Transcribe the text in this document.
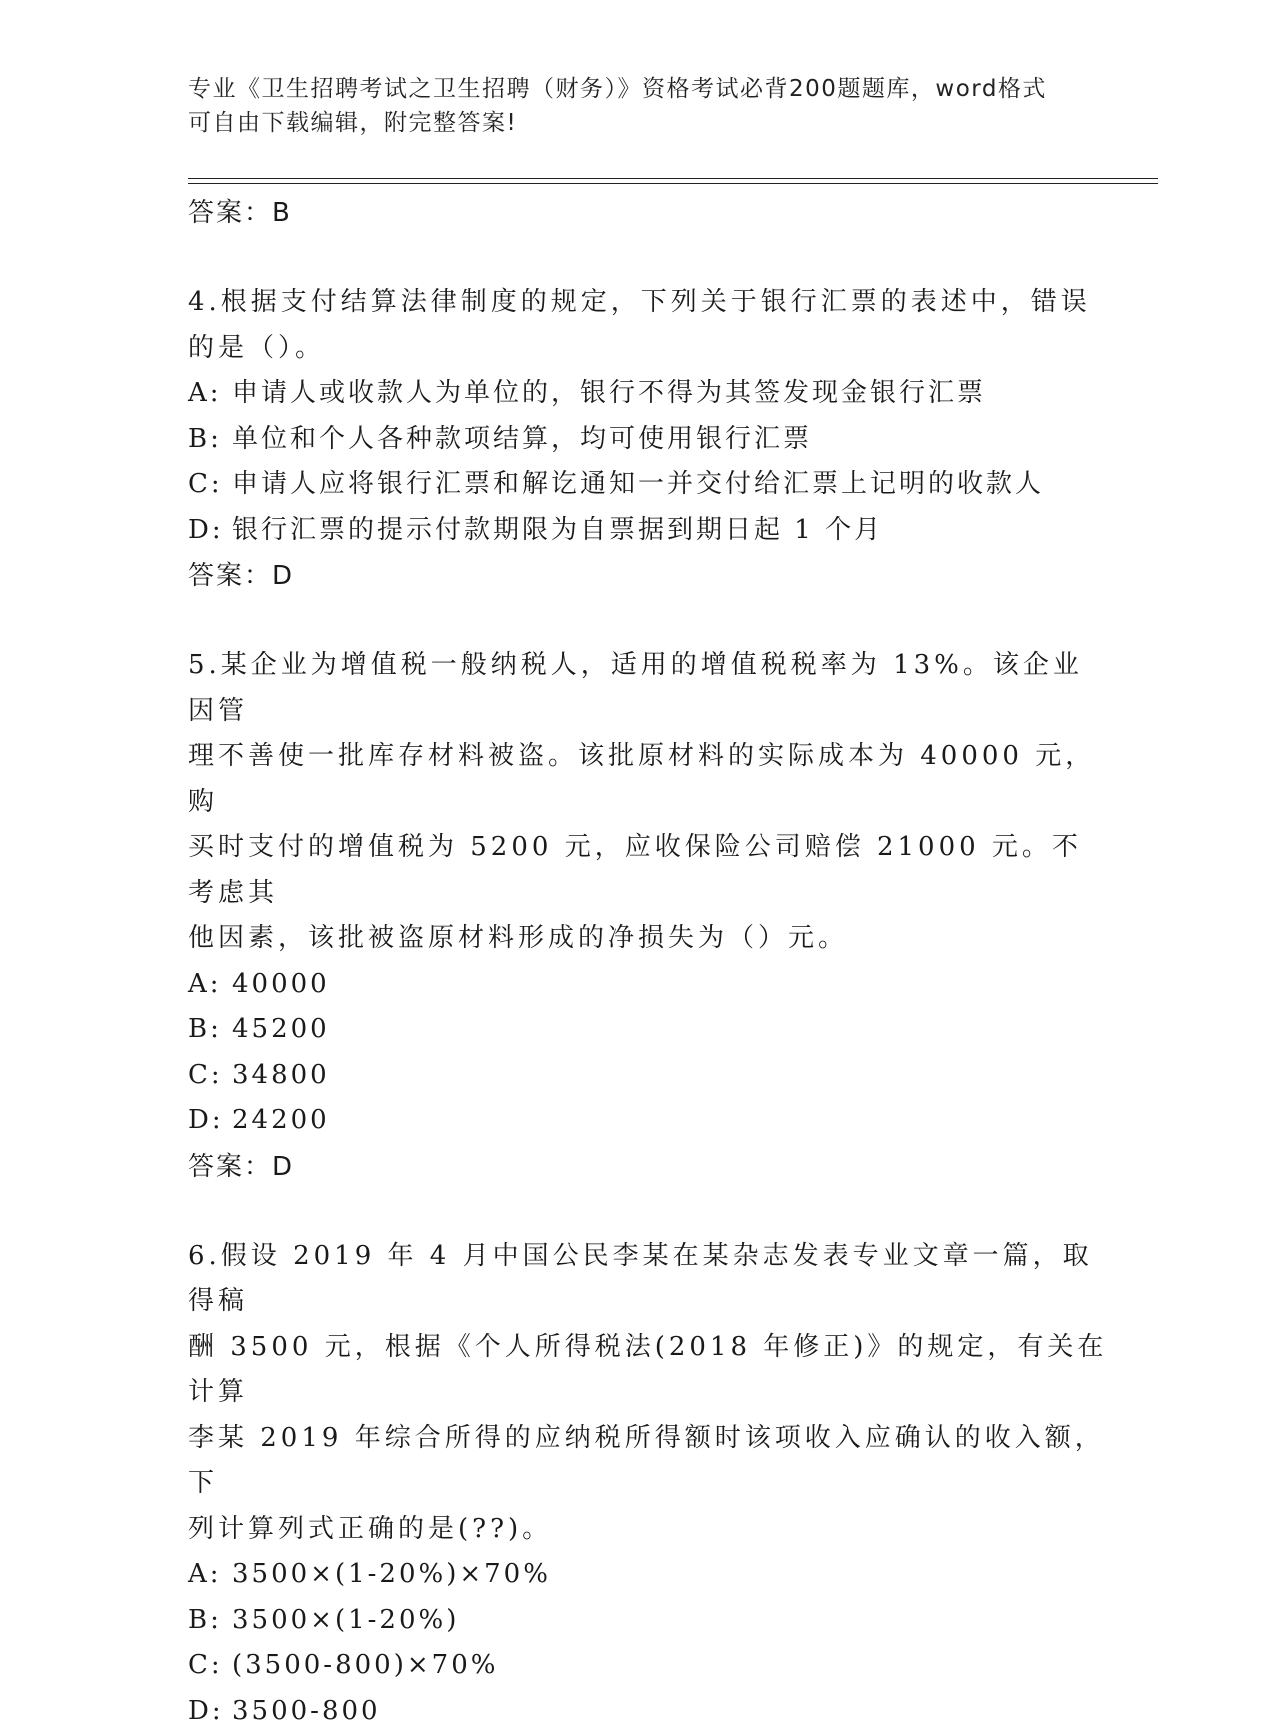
专业《卫生招聘考试之卫生招聘（财务）》资格考试必背200题题库，word格式
可自由下载编辑，附完整答案!
答案：B
4.根据支付结算法律制度的规定，下列关于银行汇票的表述中，错误
的是（）。
A: 申请人或收款人为单位的，银行不得为其签发现金银行汇票
B: 单位和个人各种款项结算，均可使用银行汇票
C: 申请人应将银行汇票和解讫通知一并交付给汇票上记明的收款人
D: 银行汇票的提示付款期限为自票据到期日起 1 个月
答案：D
5.某企业为增值税一般纳税人，适用的增值税税率为 13%。该企业因管
理不善使一批库存材料被盗。该批原材料的实际成本为 40000 元，购
买时支付的增值税为 5200 元，应收保险公司赔偿 21000 元。不考虑其
他因素，该批被盗原材料形成的净损失为（）元。
A: 40000
B: 45200
C: 34800
D: 24200
答案：D
6.假设 2019 年 4 月中国公民李某在某杂志发表专业文章一篇，取得稿
酬 3500 元，根据《个人所得税法(2018 年修正)》的规定，有关在计算
李某 2019 年综合所得的应纳税所得额时该项收入应确认的收入额，下
列计算列式正确的是(??)。
A: 3500×(1-20%)×70%
B: 3500×(1-20%)
C: (3500-800)×70%
D: 3500-800
